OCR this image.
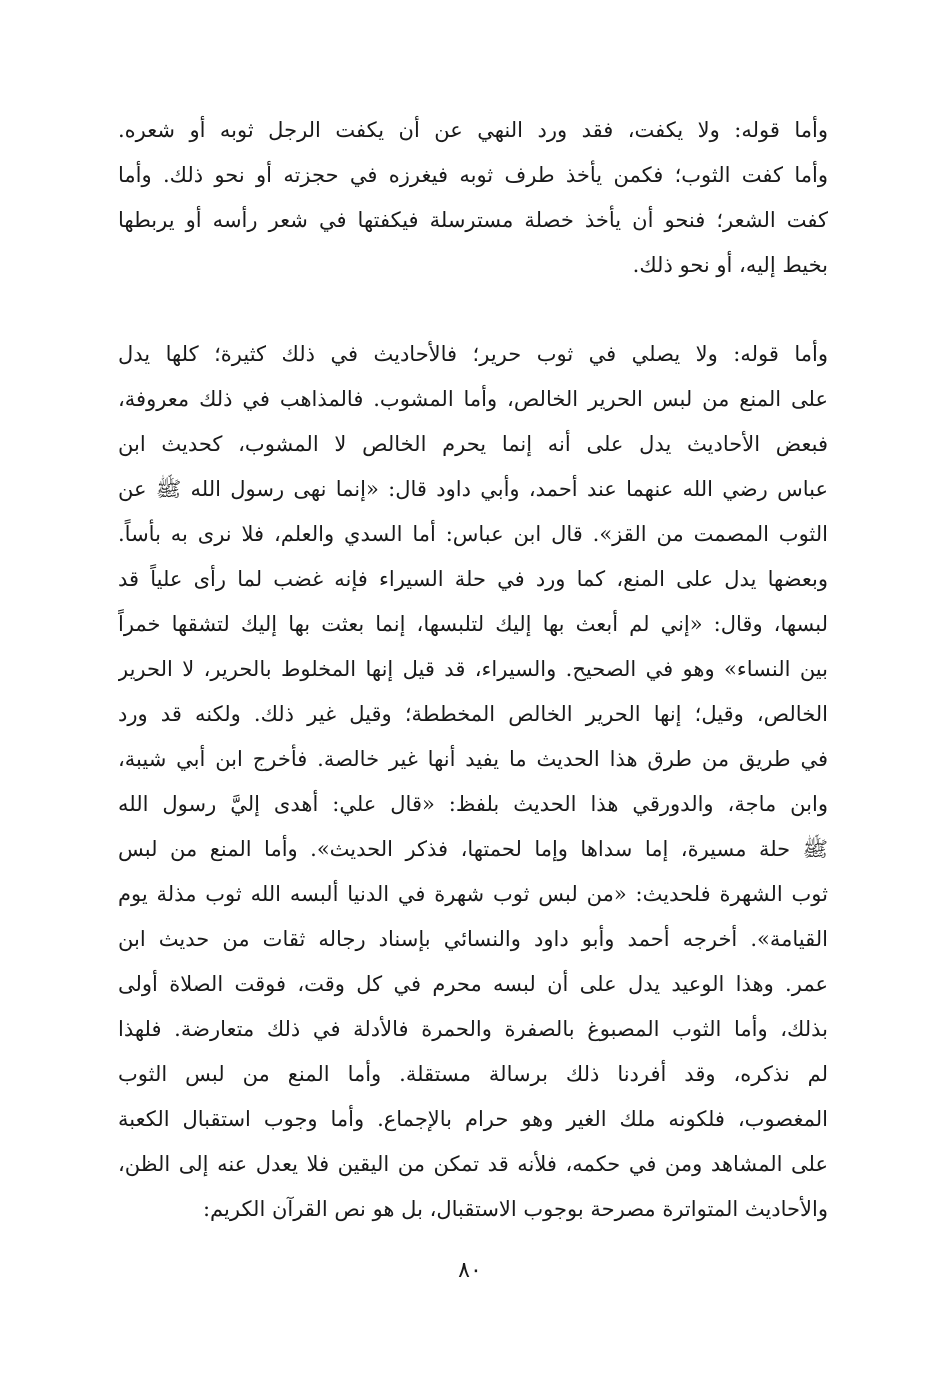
وأما قوله: ولا يكفت، فقد ورد النهي عن أن يكفت الرجل ثوبه أو شعره.
وأما كفت الثوب؛ فكمن يأخذ طرف ثوبه فيغرزه في حجزته أو نحو ذلك. وأما
كفت الشعر؛ فنحو أن يأخذ خصلة مسترسلة فيكفتها في شعر رأسه أو يربطها
بخيط إليه، أو نحو ذلك.
وأما قوله: ولا يصلي في ثوب حرير؛ فالأحاديث في ذلك كثيرة؛ كلها يدل
على المنع من لبس الحرير الخالص، وأما المشوب. فالمذاهب في ذلك معروفة،
فبعض الأحاديث يدل على أنه إنما يحرم الخالص لا المشوب، كحديث ابن
عباس رضي الله عنهما عند أحمد، وأبي داود قال: «إنما نهى رسول الله ﷺ عن
الثوب المصمت من القز». قال ابن عباس: أما السدي والعلم، فلا نرى به بأساً.
وبعضها يدل على المنع، كما ورد في حلة السيراء فإنه غضب لما رأى علياً قد
لبسها، وقال: «إني لم أبعث بها إليك لتلبسها، إنما بعثت بها إليك لتشقها خمراً
بين النساء» وهو في الصحيح. والسيراء، قد قيل إنها المخلوط بالحرير، لا الحرير
الخالص، وقيل؛ إنها الحرير الخالص المخططة؛ وقيل غير ذلك. ولكنه قد ورد
في طريق من طرق هذا الحديث ما يفيد أنها غير خالصة. فأخرج ابن أبي شيبة،
وابن ماجة، والدورقي هذا الحديث بلفظ: «قال علي: أهدى إليَّ رسول الله
ﷺ حلة مسيرة، إما سداها وإما لحمتها، فذكر الحديث». وأما المنع من لبس
ثوب الشهرة فلحديث: «من لبس ثوب شهرة في الدنيا ألبسه الله ثوب مذلة يوم
القيامة». أخرجه أحمد وأبو داود والنسائي بإسناد رجاله ثقات من حديث ابن
عمر. وهذا الوعيد يدل على أن لبسه محرم في كل وقت، فوقت الصلاة أولى
بذلك، وأما الثوب المصبوغ بالصفرة والحمرة فالأدلة في ذلك متعارضة. فلهذا
لم نذكره، وقد أفردنا ذلك برسالة مستقلة. وأما المنع من لبس الثوب
المغصوب، فلكونه ملك الغير وهو حرام بالإجماع. وأما وجوب استقبال الكعبة
على المشاهد ومن في حكمه، فلأنه قد تمكن من اليقين فلا يعدل عنه إلى الظن،
والأحاديث المتواترة مصرحة بوجوب الاستقبال، بل هو نص القرآن الكريم:
٨٠
